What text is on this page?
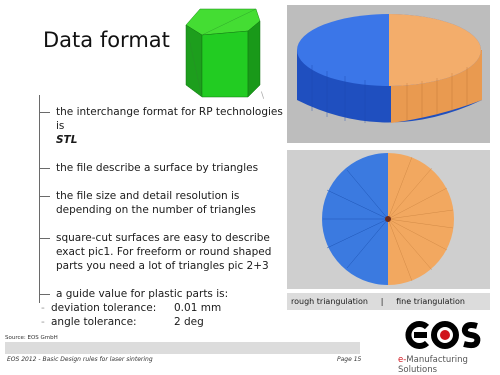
Data format
\
rough triangulation     |     fine triangulation
the interchange format for RP technologies is
STL
the file describe a surface by triangles
the file size and detail resolution is depending on the number of triangles
square-cut surfaces are easy to describe exact pic1. For freeform or round shaped parts you need a lot of triangles pic 2+3
a guide value for plastic parts is:
- deviation tolerance:	0.01 mm
- angle tolerance:	2 deg
Source: EOS GmbH
EOS 2012 - Basic Design rules for laser sintering	Page 15	e-Manufacturing Solutions
